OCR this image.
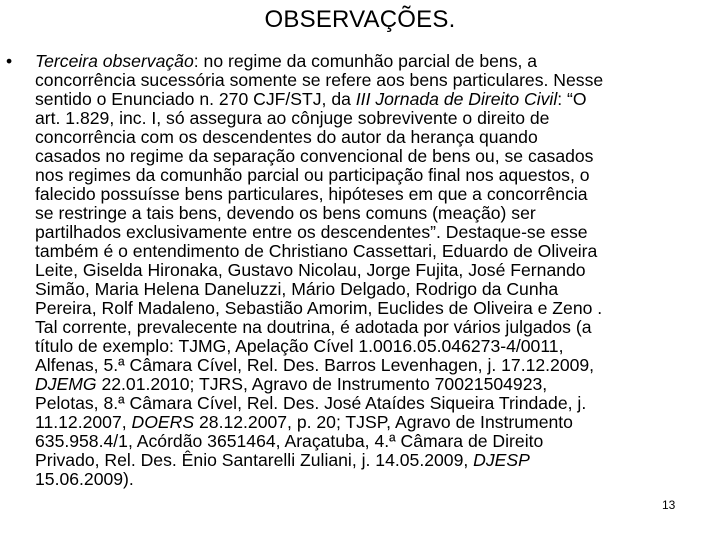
OBSERVAÇÕES.
• Terceira observação: no regime da comunhão parcial de bens, a
concorrência sucessória somente se refere aos bens particulares. Nesse
sentido o Enunciado n. 270 CJF/STJ, da III Jornada de Direito Civil: “O
art. 1.829, inc. I, só assegura ao cônjuge sobrevivente o direito de
concorrência com os descendentes do autor da herança quando
casados no regime da separação convencional de bens ou, se casados
nos regimes da comunhão parcial ou participação final nos aquestos, o
falecido possuísse bens particulares, hipóteses em que a concorrência
se restringe a tais bens, devendo os bens comuns (meação) ser
partilhados exclusivamente entre os descendentes”. Destaque-se esse
também é o entendimento de Christiano Cassettari, Eduardo de Oliveira
Leite, Giselda Hironaka, Gustavo Nicolau, Jorge Fujita, José Fernando
Simão, Maria Helena Daneluzzi, Mário Delgado, Rodrigo da Cunha
Pereira, Rolf Madaleno, Sebastião Amorim, Euclides de Oliveira e Zeno .
Tal corrente, prevalecente na doutrina, é adotada por vários julgados (a
título de exemplo: TJMG, Apelação Cível 1.0016.05.046273-4/0011,
Alfenas, 5.ª Câmara Cível, Rel. Des. Barros Levenhagen, j. 17.12.2009,
DJEMG 22.01.2010; TJRS, Agravo de Instrumento 70021504923,
Pelotas, 8.ª Câmara Cível, Rel. Des. José Ataídes Siqueira Trindade, j.
11.12.2007, DOERS 28.12.2007, p. 20; TJSP, Agravo de Instrumento
635.958.4/1, Acórdão 3651464, Araçatuba, 4.ª Câmara de Direito
Privado, Rel. Des. Ênio Santarelli Zuliani, j. 14.05.2009, DJESP
15.06.2009).
13
